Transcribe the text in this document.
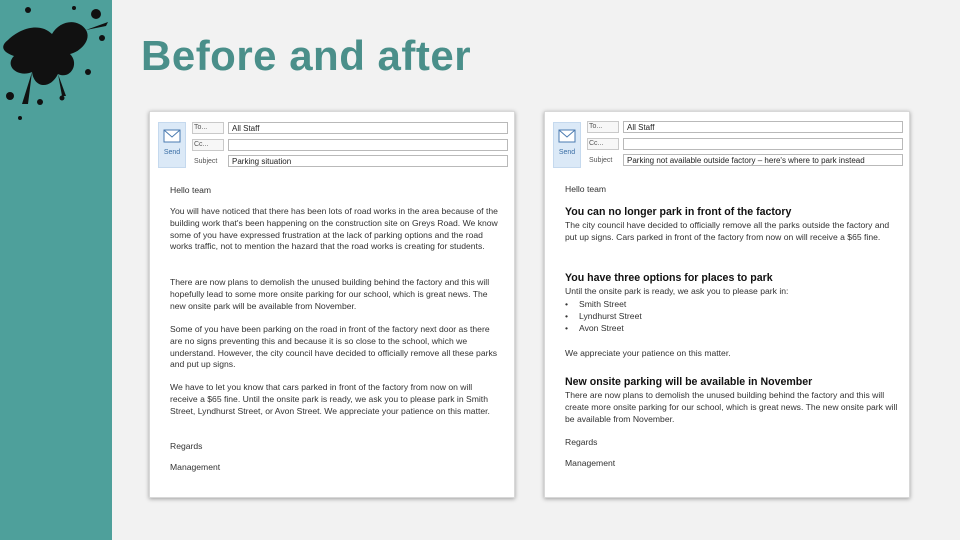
Before and after
Send
To...	All Staff
Cc...
Subject	Parking situation
Hello team
You will have noticed that there has been lots of road works in the area because of the building work that's been happening on the construction site on Greys Road. We know some of you have expressed frustration at the lack of parking options and the road works traffic, not to mention the hazard that the road works is creating for students.
There are now plans to demolish the unused building behind the factory and this will hopefully lead to some more onsite parking for our school, which is great news. The new onsite park will be available from November.
Some of you have been parking on the road in front of the factory next door as there are no signs preventing this and because it is so close to the school, which we understand. However, the city council have decided to officially remove all these parks and put up signs.
We have to let you know that cars parked in front of the factory from now on will receive a $65 fine. Until the onsite park is ready, we ask you to please park in Smith Street, Lyndhurst Street, or Avon Street. We appreciate your patience on this matter.
Regards
Management
Send
To...	All Staff
Cc...
Subject	Parking not available outside factory – here's where to park instead
Hello team
You can no longer park in front of the factory
The city council have decided to officially remove all the parks outside the factory and put up signs. Cars parked in front of the factory from now on will receive a $65 fine.
You have three options for places to park
Until the onsite park is ready, we ask you to please park in:
• Smith Street
• Lyndhurst Street
• Avon Street
We appreciate your patience on this matter.
New onsite parking will be available in November
There are now plans to demolish the unused building behind the factory and this will create more onsite parking for our school, which is great news. The new onsite park will be available from November.
Regards
Management
